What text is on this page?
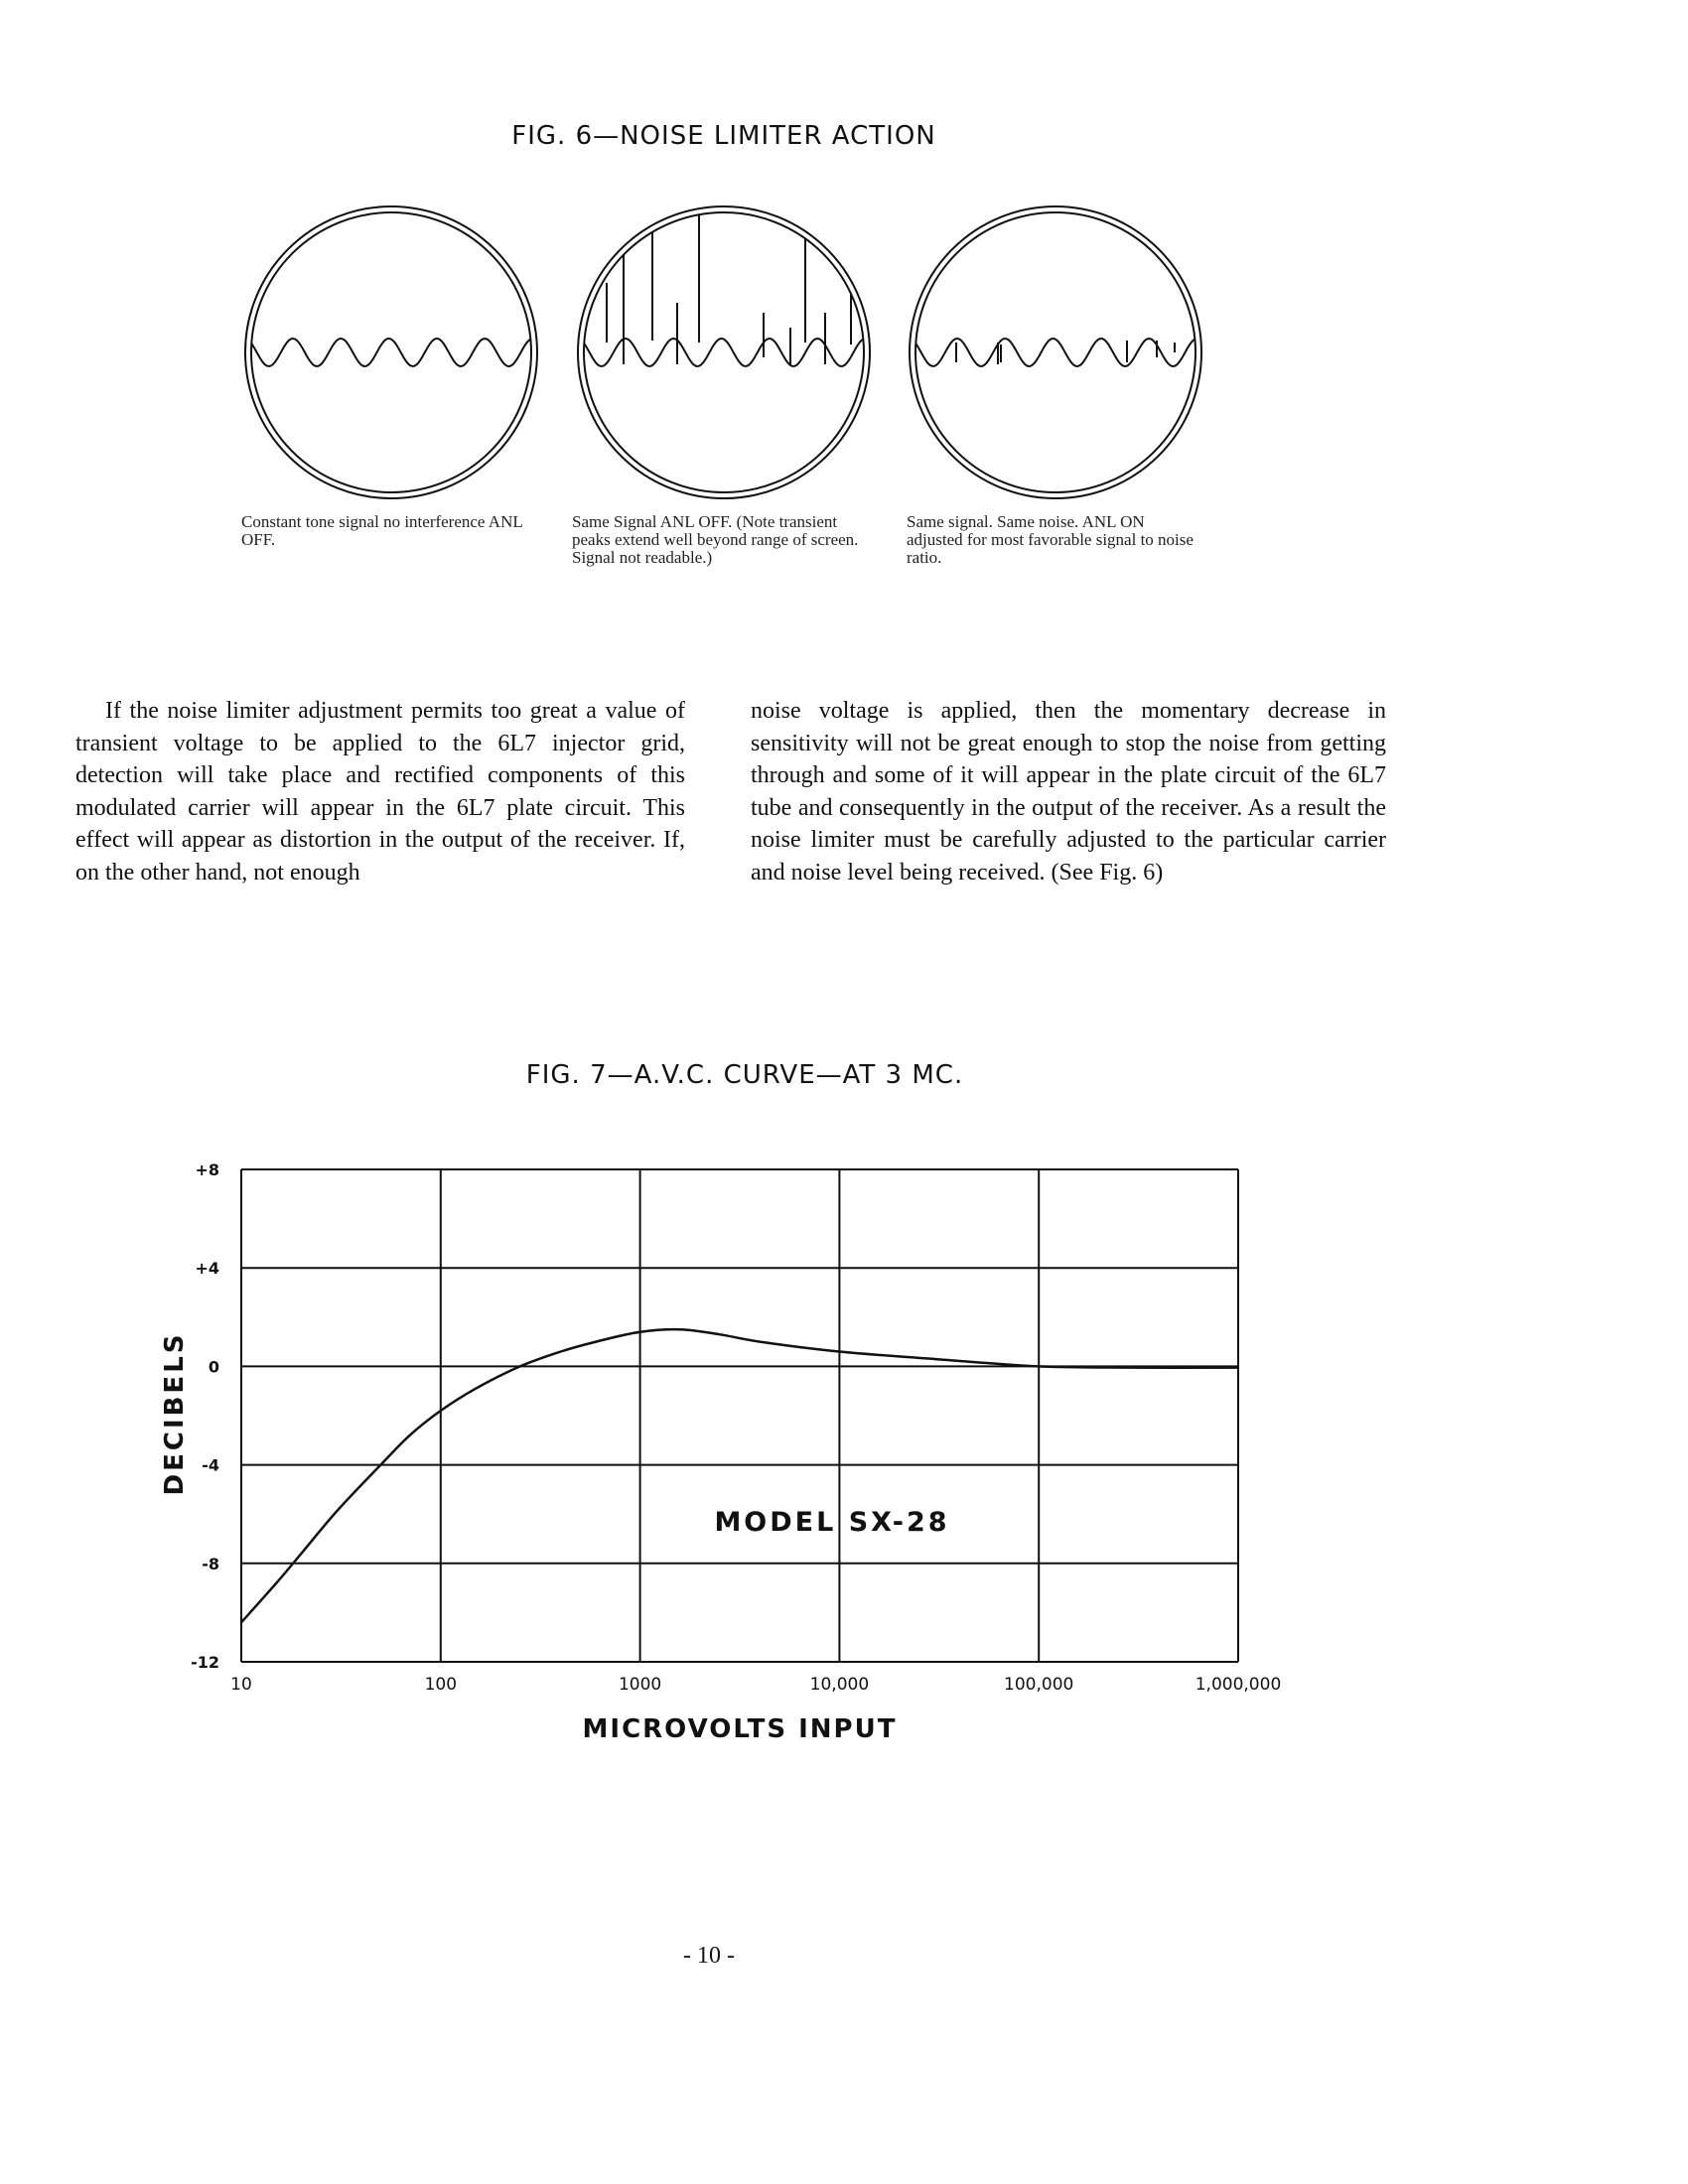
FIG. 6—NOISE LIMITER ACTION
Constant tone signal no interference ANL OFF.
Same Signal ANL OFF. (Note transient peaks extend well beyond range of screen. Signal not readable.)
Same signal. Same noise. ANL ON adjusted for most favorable signal to noise ratio.
If the noise limiter adjustment permits too great a value of transient voltage to be applied to the 6L7 injector grid, detection will take place and rectified components of this modulated carrier will appear in the 6L7 plate circuit. This effect will appear as distortion in the output of the receiver. If, on the other hand, not enough
noise voltage is applied, then the momentary decrease in sensitivity will not be great enough to stop the noise from getting through and some of it will appear in the plate circuit of the 6L7 tube and consequently in the output of the receiver. As a result the noise limiter must be carefully adjusted to the particular carrier and noise level being received. (See Fig. 6)
FIG. 7—A.V.C. CURVE—AT 3 MC.
+8
+4
0
-4
-8
-12
10	100	1000	10,000	100,000	1,000,000
MODEL SX-28
MICROVOLTS INPUT
DECIBELS
- 10 -
